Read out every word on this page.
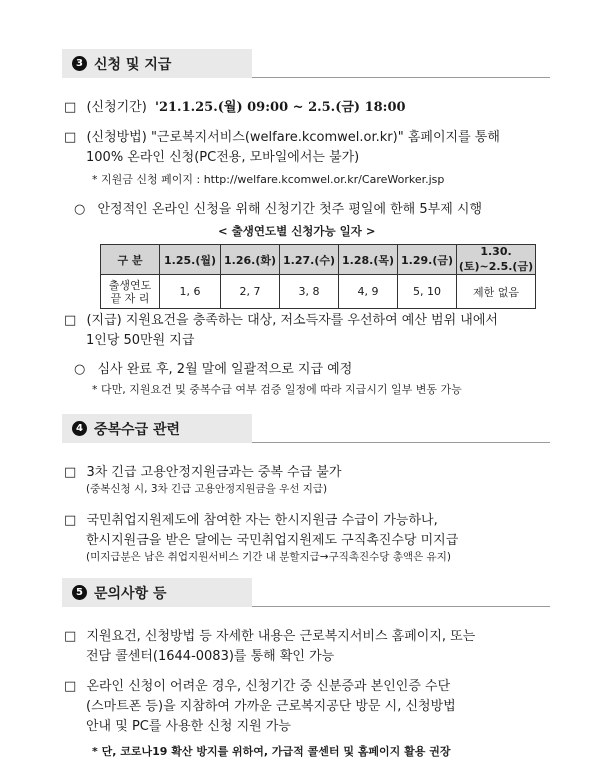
3 신청 및 지급
□ (신청기간) '21.1.25.(월) 09:00 ~ 2.5.(금) 18:00
□ (신청방법) "근로복지서비스(welfare.kcomwel.or.kr)" 홈페이지를 통해
100% 온라인 신청(PC전용, 모바일에서는 불가)
* 지원금 신청 페이지 : http://welfare.kcomwel.or.kr/CareWorker.jsp
○ 안정적인 온라인 신청을 위해 신청기간 첫주 평일에 한해 5부제 시행
< 출생연도별 신청가능 일자 >
구 분	1.25.(월)	1.26.(화)	1.27.(수)	1.28.(목)	1.29.(금)	1.30.(토)~2.5.(금)
출생연도
끝 자 리	1, 6	2, 7	3, 8	4, 9	5, 10	제한 없음
□ (지급) 지원요건을 충족하는 대상, 저소득자를 우선하여 예산 범위 내에서
1인당 50만원 지급
○ 심사 완료 후, 2월 말에 일괄적으로 지급 예정
* 다만, 지원요건 및 중복수급 여부 검증 일정에 따라 지급시기 일부 변동 가능
4 중복수급 관련
□ 3차 긴급 고용안정지원금과는 중복 수급 불가
(중복신청 시, 3차 긴급 고용안정지원금을 우선 지급)
□ 국민취업지원제도에 참여한 자는 한시지원금 수급이 가능하나,
한시지원금을 받은 달에는 국민취업지원제도 구직촉진수당 미지급
(미지급분은 남은 취업지원서비스 기간 내 분할지급→구직촉진수당 총액은 유지)
5 문의사항 등
□ 지원요건, 신청방법 등 자세한 내용은 근로복지서비스 홈페이지, 또는
전담 콜센터(1644-0083)를 통해 확인 가능
□ 온라인 신청이 어려운 경우, 신청기간 중 신분증과 본인인증 수단
(스마트폰 등)을 지참하여 가까운 근로복지공단 방문 시, 신청방법
안내 및 PC를 사용한 신청 지원 가능
* 단, 코로나19 확산 방지를 위하여, 가급적 콜센터 및 홈페이지 활용 권장
